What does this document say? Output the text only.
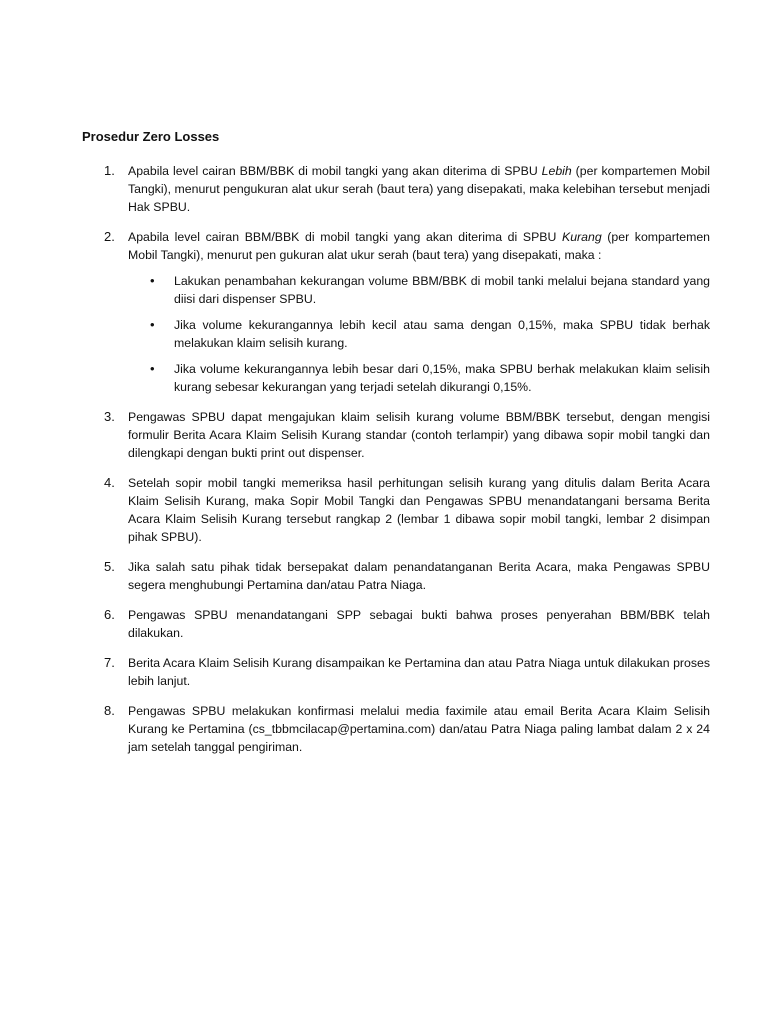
Prosedur Zero Losses
1.	Apabila level cairan BBM/BBK di mobil tangki yang akan diterima di SPBU Lebih (per kompartemen Mobil Tangki), menurut pengukuran alat ukur serah (baut tera) yang disepakati, maka kelebihan tersebut menjadi Hak SPBU.

2.	Apabila level cairan BBM/BBK di mobil tangki yang akan diterima di SPBU Kurang (per kompartemen Mobil Tangki), menurut pen gukuran alat ukur serah (baut tera) yang disepakati, maka :

• Lakukan penambahan kekurangan volume BBM/BBK di mobil tanki melalui bejana standard yang diisi dari dispenser SPBU.

• Jika volume kekurangannya lebih kecil atau sama dengan 0,15%, maka SPBU tidak berhak melakukan klaim selisih kurang.

• Jika volume kekurangannya lebih besar dari 0,15%, maka SPBU berhak melakukan klaim selisih kurang sebesar kekurangan yang terjadi setelah dikurangi 0,15%.

3.	Pengawas SPBU dapat mengajukan klaim selisih kurang volume BBM/BBK tersebut, dengan mengisi formulir Berita Acara Klaim Selisih Kurang standar (contoh terlampir) yang dibawa sopir mobil tangki dan dilengkapi dengan bukti print out dispenser.

4.	Setelah sopir mobil tangki memeriksa hasil perhitungan selisih kurang yang ditulis dalam Berita Acara Klaim Selisih Kurang, maka Sopir Mobil Tangki dan Pengawas SPBU menandatangani bersama Berita Acara Klaim Selisih Kurang tersebut rangkap 2 (lembar 1 dibawa sopir mobil tangki, lembar 2 disimpan pihak SPBU).

5.	Jika salah satu pihak tidak bersepakat dalam penandatanganan Berita Acara, maka Pengawas SPBU segera menghubungi Pertamina dan/atau Patra Niaga.

6.	Pengawas SPBU menandatangani SPP sebagai bukti bahwa proses penyerahan BBM/BBK telah dilakukan.

7.	Berita Acara Klaim Selisih Kurang disampaikan ke Pertamina dan atau Patra Niaga untuk dilakukan proses lebih lanjut.

8.	Pengawas SPBU melakukan konfirmasi melalui media faximile atau email Berita Acara Klaim Selisih Kurang ke Pertamina (cs_tbbmcilacap@pertamina.com) dan/atau Patra Niaga paling lambat dalam 2 x 24 jam setelah tanggal pengiriman.
